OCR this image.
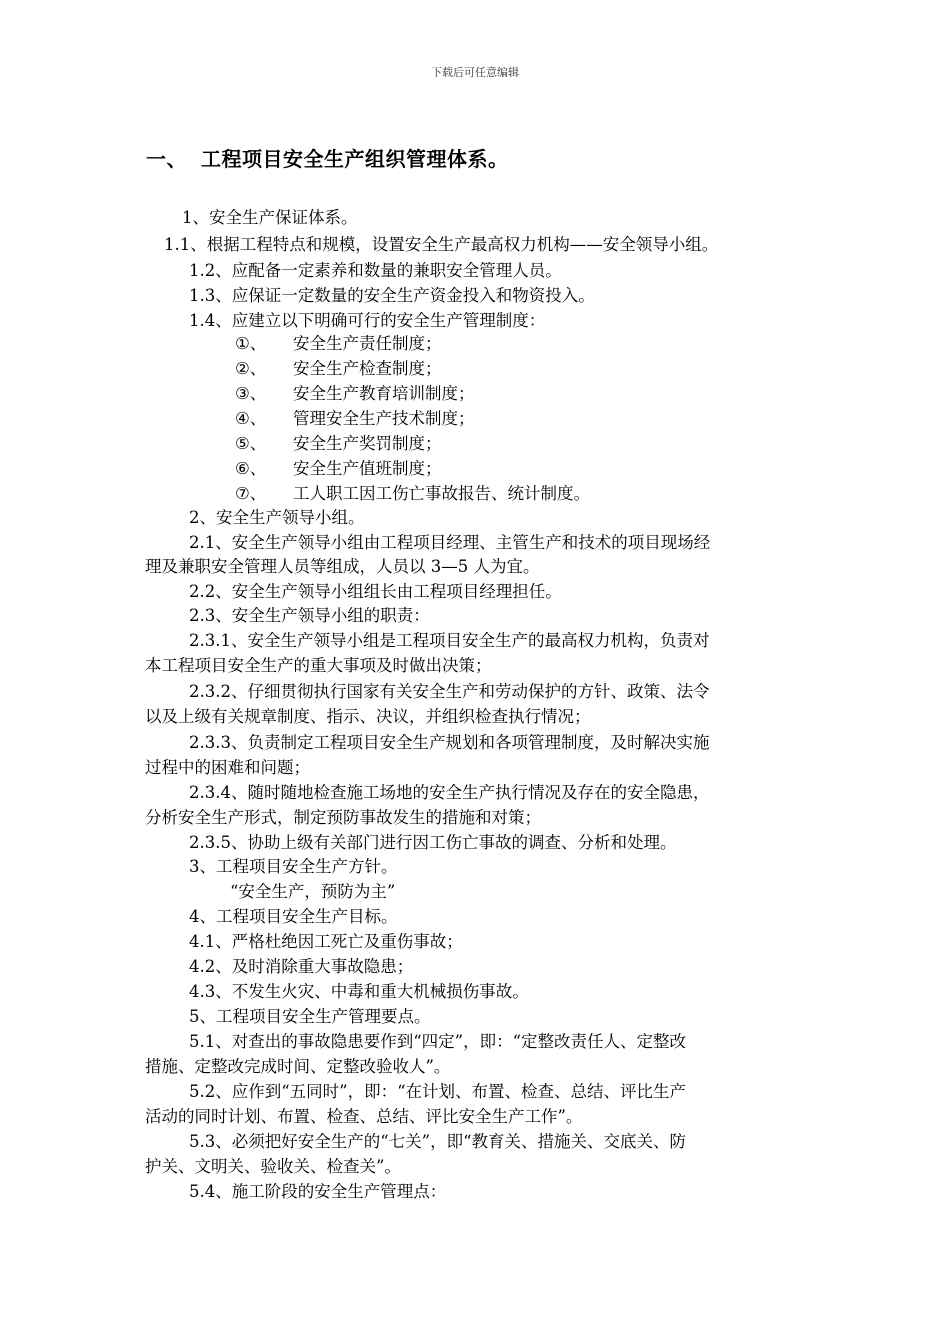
下载后可任意编辑
一、 工程项目安全生产组织管理体系。
1、安全生产保证体系。
1.1、根据工程特点和规模，设置安全生产最高权力机构——安全领导小组。
1.2、应配备一定素养和数量的兼职安全管理人员。
1.3、应保证一定数量的安全生产资金投入和物资投入。
1.4、应建立以下明确可行的安全生产管理制度：
①、 安全生产责任制度；
②、 安全生产检查制度；
③、 安全生产教育培训制度；
④、 管理安全生产技术制度；
⑤、 安全生产奖罚制度；
⑥、 安全生产值班制度；
⑦、 工人职工因工伤亡事故报告、统计制度。
2、安全生产领导小组。
2.1、安全生产领导小组由工程项目经理、主管生产和技术的项目现场经
理及兼职安全管理人员等组成，人员以 3—5 人为宜。
2.2、安全生产领导小组组长由工程项目经理担任。
2.3、安全生产领导小组的职责：
2.3.1、安全生产领导小组是工程项目安全生产的最高权力机构，负责对
本工程项目安全生产的重大事项及时做出决策；
2.3.2、仔细贯彻执行国家有关安全生产和劳动保护的方针、政策、法令
以及上级有关规章制度、指示、决议，并组织检查执行情况；
2.3.3、负责制定工程项目安全生产规划和各项管理制度，及时解决实施
过程中的困难和问题；
2.3.4、随时随地检查施工场地的安全生产执行情况及存在的安全隐患，
分析安全生产形式，制定预防事故发生的措施和对策；
2.3.5、协助上级有关部门进行因工伤亡事故的调查、分析和处理。
3、工程项目安全生产方针。
“安全生产，预防为主”
4、工程项目安全生产目标。
4.1、严格杜绝因工死亡及重伤事故；
4.2、及时消除重大事故隐患；
4.3、不发生火灾、中毒和重大机械损伤事故。
5、工程项目安全生产管理要点。
5.1、对查出的事故隐患要作到“四定”，即：“定整改责任人、定整改
措施、定整改完成时间、定整改验收人”。
5.2、应作到“五同时”，即：“在计划、布置、检查、总结、评比生产
活动的同时计划、布置、检查、总结、评比安全生产工作”。
5.3、必须把好安全生产的“七关”，即“教育关、措施关、交底关、防
护关、文明关、验收关、检查关”。
5.4、施工阶段的安全生产管理点：
